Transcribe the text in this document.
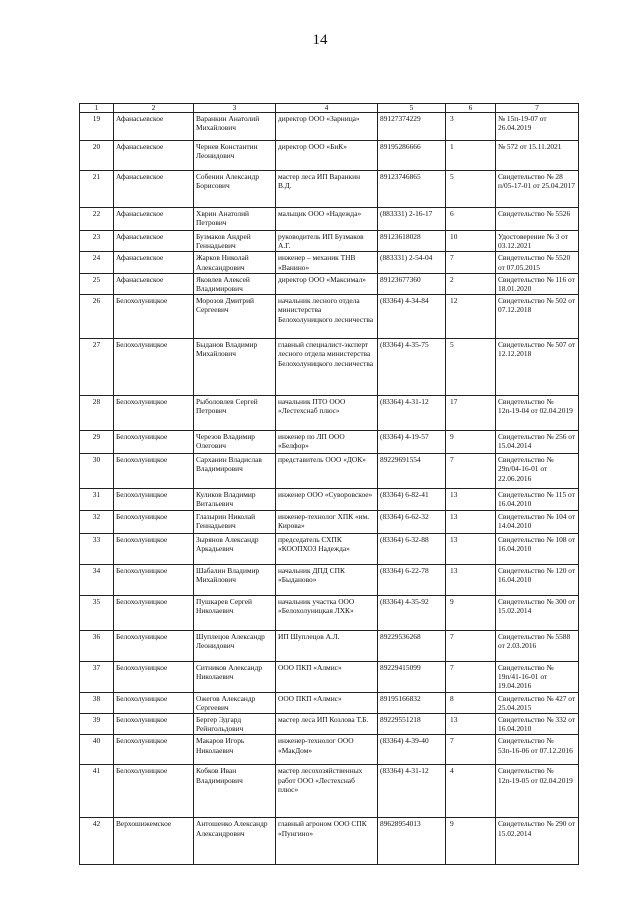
14
1	2	3	4	5	6	7
19	Афанасьевское	Варанкин Анатолий Михайлович	директор ООО «Зарница»	89127374229	3	№ 15п-19-07 от 26.04.2019
20	Афанасьевское	Чернев Константин Леонидович	директор ООО «БиК»	89195286666	1	№ 572 от 15.11.2021
21	Афанасьевское	Собенин Александр Борисович	мастер леса ИП Варанкин В.Д.	89123746865	5	Свидетельство № 28 п/05-17-01 от 25.04.2017
22	Афанасьевское	Хврин Анатолий Петрович	мальщик ООО «Надежда»	(883331) 2-16-17	6	Свидетельство № 5526
23	Афанасьевское	Бузмаков Андрей Геннадьевич	руководитель ИП Бузмаков А.Г.	89123618028	10	Удостоверение № 3 от 03.12.2021
24	Афанасьевское	Жарков Николай Александрович	инженер – механик ТНВ «Ванино»	(883331) 2-54-04	7	Свидетельство № 5520 от 07.05.2015
25	Афанасьевское	Яковлев Алексей Владимирович	директор ООО «Максимал»	89123677360	2	Свидетельство № 116 от 18.01.2020
26	Белохолуницкое	Морозов Дмитрий Сергеевич	начальник лесного отдела министерства Белохолуницкого лесничества	(83364) 4-34-84	12	Свидетельство № 502 от 07.12.2018
27	Белохолуницкое	Быданов Владимир Михайлович	главный специалист-эксперт лесного отдела министерства Белохолуницкого лесничества	(83364) 4-35-75	5	Свидетельство № 507 от 12.12.2018
28	Белохолуницкое	Рыболовлев Сергей Петрович	начальник ПТО ООО «Лестехснаб плюс»	(83364) 4-31-12	17	Свидетельство № 12п-19-04 от 02.04.2019
29	Белохолуницкое	Черезов Владимир Олегович	инженер по ЛП ООО «Белфор»	(83364) 4-19-57	9	Свидетельство № 256 от 15.04.2014
30	Белохолуницкое	Сарханин Владислав Владимирович	представитель ООО «ДОК»	89229691554	7	Свидетельство № 29п/04-16-01 от 22.06.2016
31	Белохолуницкое	Куликов Владимир Витальевич	инженер ООО «Суворовское»	(83364) 6-82-41	13	Свидетельство № 115 от 16.04.2010
32	Белохолуницкое	Глазырин Николай Геннадьевич	инженер-технолог ХПК «им. Кирова»	(83364) 6-62-32	13	Свидетельство № 104 от 14.04.2010
33	Белохолуницкое	Зырянов Александр Аркадьевич	председатель СХПК «КООПХОЗ Надежда»	(83364) 6-32-88	13	Свидетельство № 108 от 16.04.2010
34	Белохолуницкое	Шабалин Владимир Михайлович	начальник ДПД СПК «Быданово»	(83364) 6-22-78	13	Свидетельство № 120 от 16.04.2010
35	Белохолуницкое	Пушкарев Сергей Николаевич	начальник участка ООО «Белохолуницкая ЛХК»	(83364) 4-35-92	9	Свидетельство № 300 от 15.02.2014
36	Белохолуницкое	Шуплецов Александр Леонидович	ИП Шуплецов А.Л.	89229536268	7	Свидетельство № 5588 от 2.03.2016
37	Белохолуницкое	Ситников Александр Николаевич	ООО ПКП «Алмис»	89229415099	7	Свидетельство № 19п/41-16-01 от 19.04.2016
38	Белохолуницкое	Ожегов Александр Сергеевич	ООО ПКП «Алмис»	89195166832	8	Свидетельство № 427 от 25.04.2015
39	Белохолуницкое	Бергер Эдгард Рейнгольдович	мастер леса ИП Козлова Т.Б.	89229551218	13	Свидетельство № 332 от 16.04.2010
40	Белохолуницкое	Макаров Игорь Николаевич	инженер-технолог ООО «МакДом»	(83364) 4-39-40	7	Свидетельство № 53п-16-06 от 07.12.2016
41	Белохолуницкое	Кобков Иван Владимирович	мастер лесохозяйственных работ ООО «Лестехснаб плюс»	(83364) 4-31-12	4	Свидетельство № 12п-19-05 от 02.04.2019
42	Верхошижемское	Антошенко Александр Александрович	главный агроном ООО СПК «Пунгино»	89628954013	9	Свидетельство № 290 от 15.02.2014
